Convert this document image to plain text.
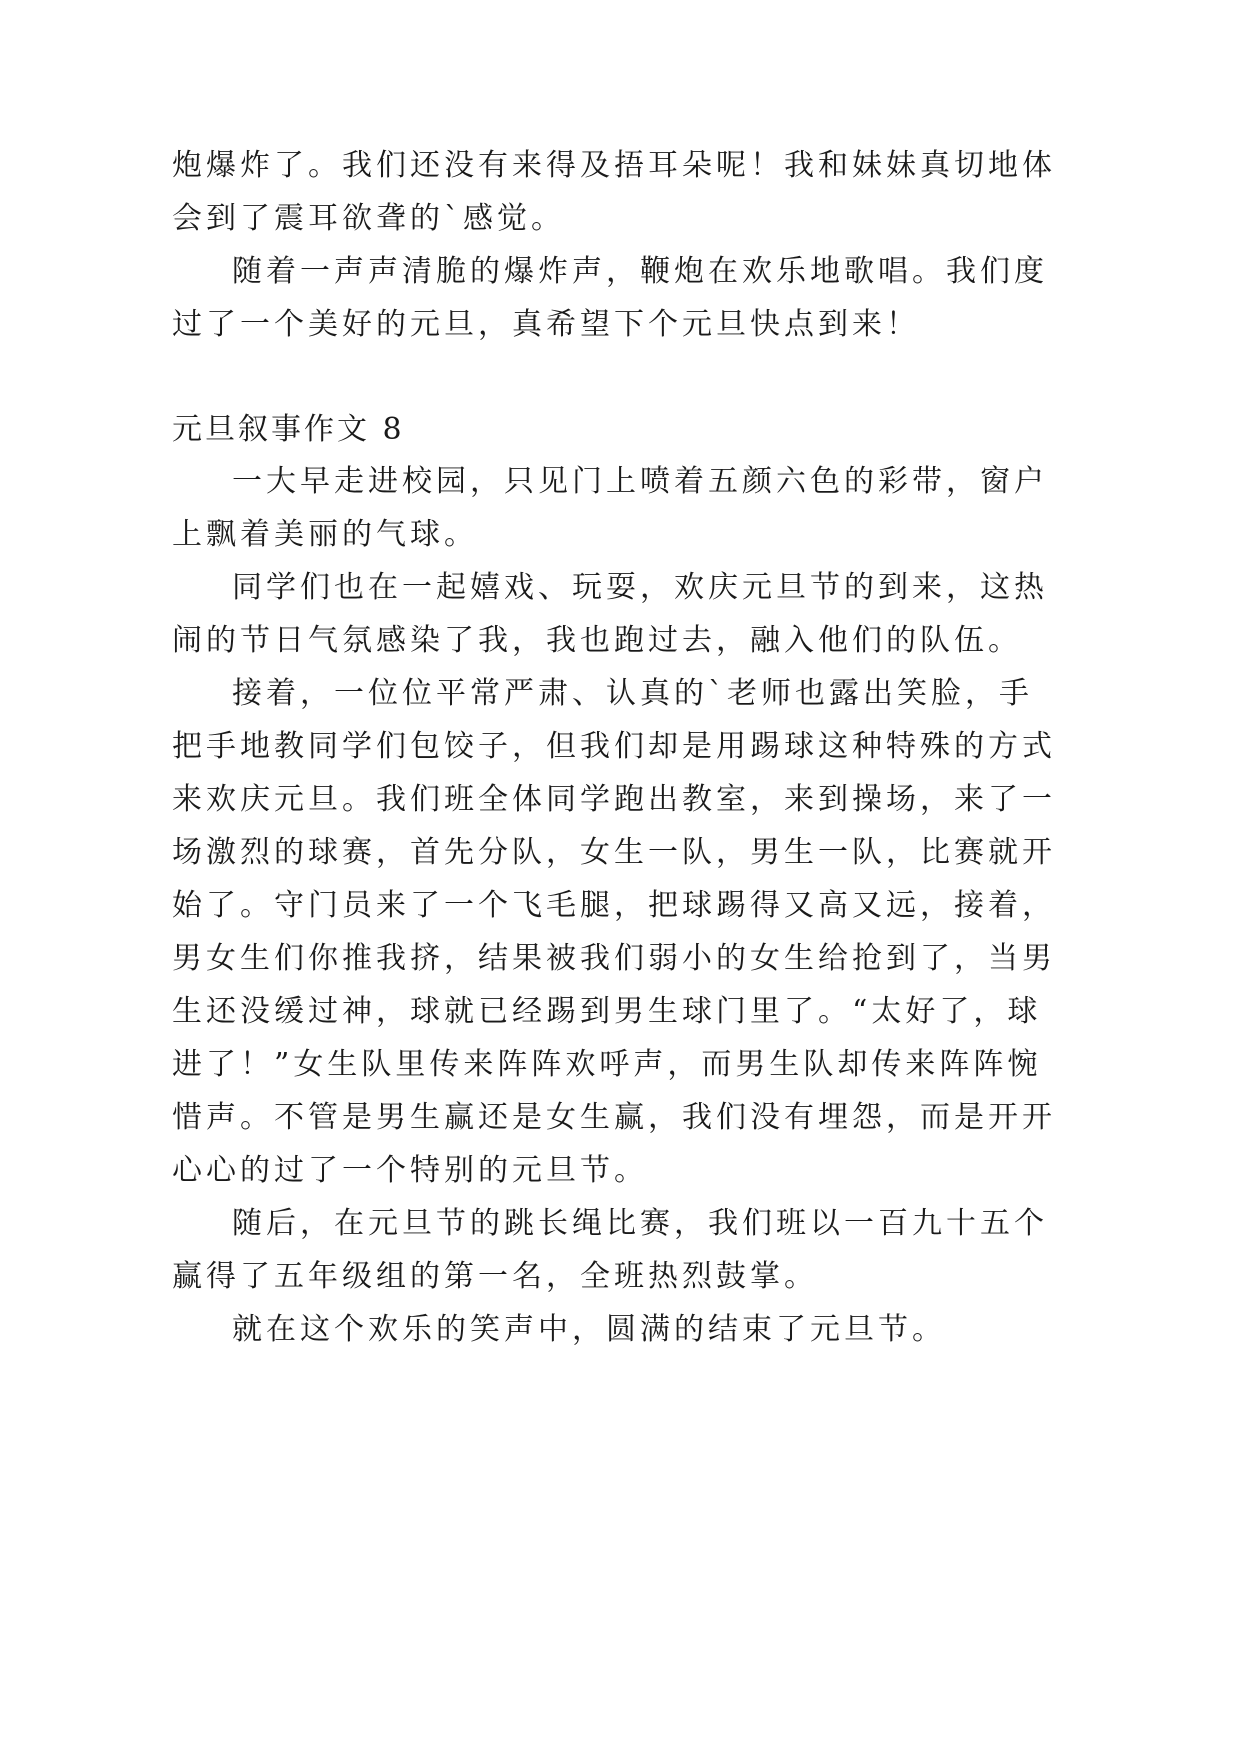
炮爆炸了。我们还没有来得及捂耳朵呢！我和妹妹真切地体
会到了震耳欲聋的`感觉。
随着一声声清脆的爆炸声，鞭炮在欢乐地歌唱。我们度
过了一个美好的元旦，真希望下个元旦快点到来！
元旦叙事作文 8
一大早走进校园，只见门上喷着五颜六色的彩带，窗户
上飘着美丽的气球。
同学们也在一起嬉戏、玩耍，欢庆元旦节的到来，这热
闹的节日气氛感染了我，我也跑过去，融入他们的队伍。
接着，一位位平常严肃、认真的`老师也露出笑脸，手
把手地教同学们包饺子，但我们却是用踢球这种特殊的方式
来欢庆元旦。我们班全体同学跑出教室，来到操场，来了一
场激烈的球赛，首先分队，女生一队，男生一队，比赛就开
始了。守门员来了一个飞毛腿，把球踢得又高又远，接着，
男女生们你推我挤，结果被我们弱小的女生给抢到了，当男
生还没缓过神，球就已经踢到男生球门里了。“太好了，球
进了！”女生队里传来阵阵欢呼声，而男生队却传来阵阵惋
惜声。不管是男生赢还是女生赢，我们没有埋怨，而是开开
心心的过了一个特别的元旦节。
随后，在元旦节的跳长绳比赛，我们班以一百九十五个
赢得了五年级组的第一名，全班热烈鼓掌。
就在这个欢乐的笑声中，圆满的结束了元旦节。
